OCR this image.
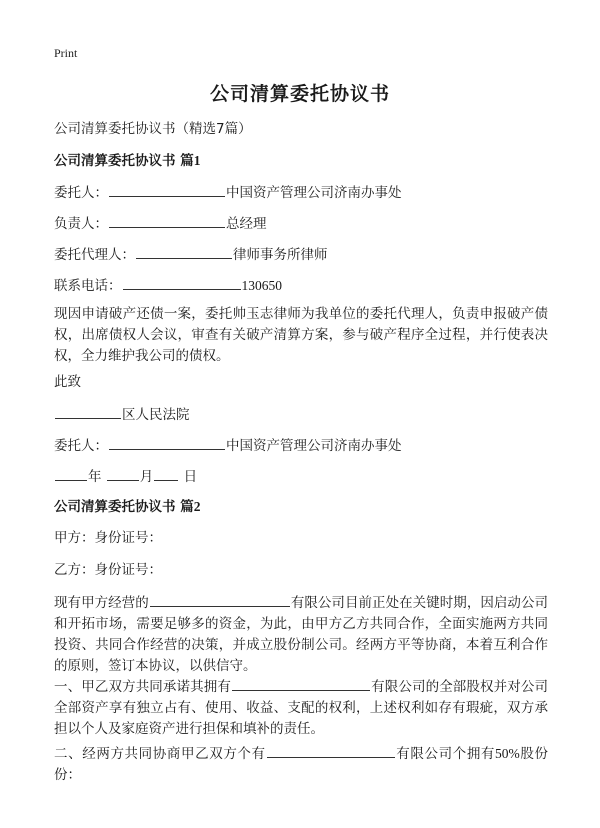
Print
公司清算委托协议书
公司清算委托协议书（精选7篇）
公司清算委托协议书 篇1
委托人：	中国资产管理公司济南办事处
负责人：	总经理
委托代理人：	律师事务所律师
联系电话：	130650
现因申请破产还债一案，委托帅玉志律师为我单位的委托代理人，负责申报破产债权，出席债权人会议，审查有关破产清算方案，参与破产程序全过程，并行使表决权，全力维护我公司的债权。
此致
区人民法院
委托人：	中国资产管理公司济南办事处
年	月 日
公司清算委托协议书 篇2
甲方：身份证号：
乙方：身份证号：
现有甲方经营的	有限公司目前正处在关键时期，因启动公司和开拓市场，需要足够多的资金，为此，由甲方乙方共同合作，全面实施两方共同投资、共同合作经营的决策，并成立股份制公司。经两方平等协商，本着互利合作的原则，签订本协议，以供信守。
一、甲乙双方共同承诺其拥有	有限公司的全部股权并对公司全部资产享有独立占有、使用、收益、支配的权利，上述权利如存有瑕疵，双方承担以个人及家庭资产进行担保和填补的责任。
二、经两方共同协商甲乙双方个有	有限公司个拥有50%股份份：
